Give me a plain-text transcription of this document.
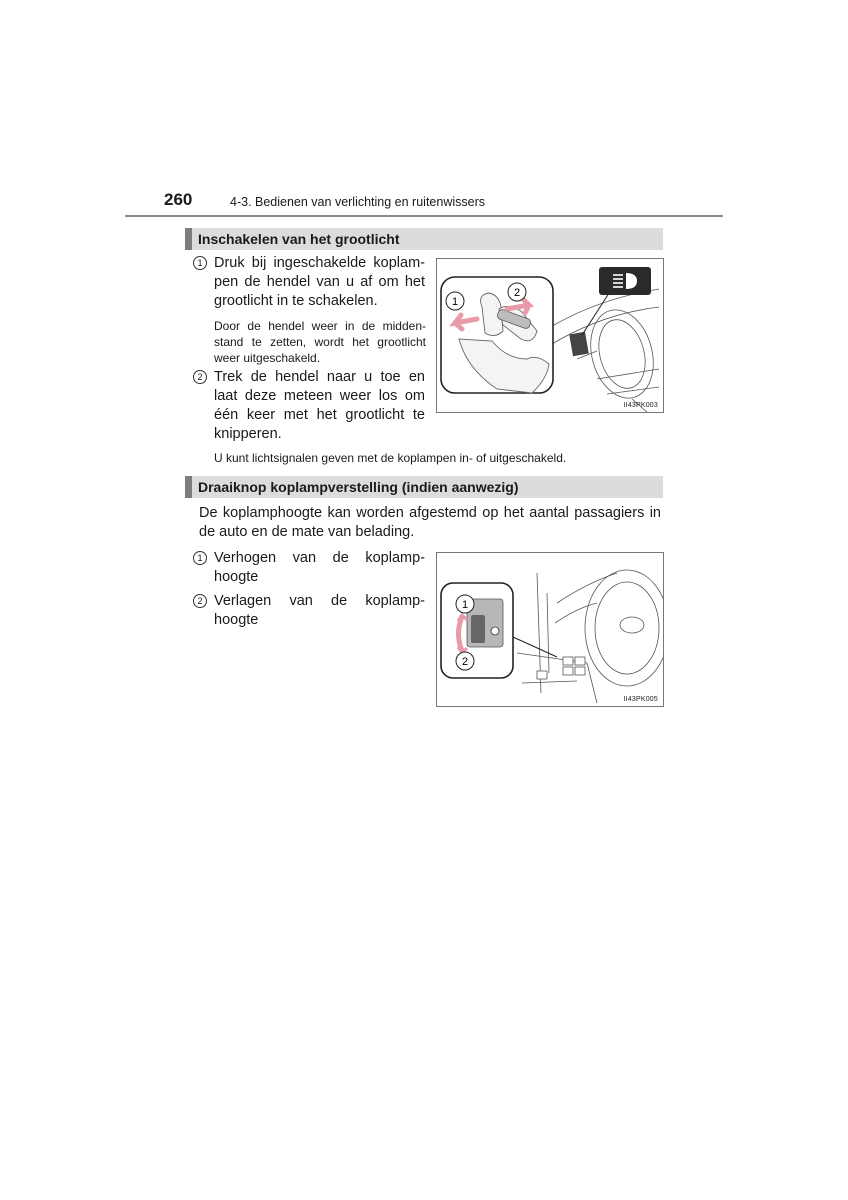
260	4-3. Bedienen van verlichting en ruitenwissers
Inschakelen van het grootlicht
1 Druk bij ingeschakelde koplam-
pen de hendel van u af om het
grootlicht in te schakelen.
Door de hendel weer in de midden-
stand te zetten, wordt het grootlicht
weer uitgeschakeld.
2 Trek de hendel naar u toe en
laat deze meteen weer los om
één keer met het grootlicht te
knipperen.
U kunt lichtsignalen geven met de koplampen in- of uitgeschakeld.
1
2
II43PK003
Draaiknop koplampverstelling (indien aanwezig)
De koplamphoogte kan worden afgestemd op het aantal passagiers in
de auto en de mate van belading.
1 Verhogen van de koplamp-
hoogte
2 Verlagen van de koplamp-
hoogte
1
2
II43PK005
